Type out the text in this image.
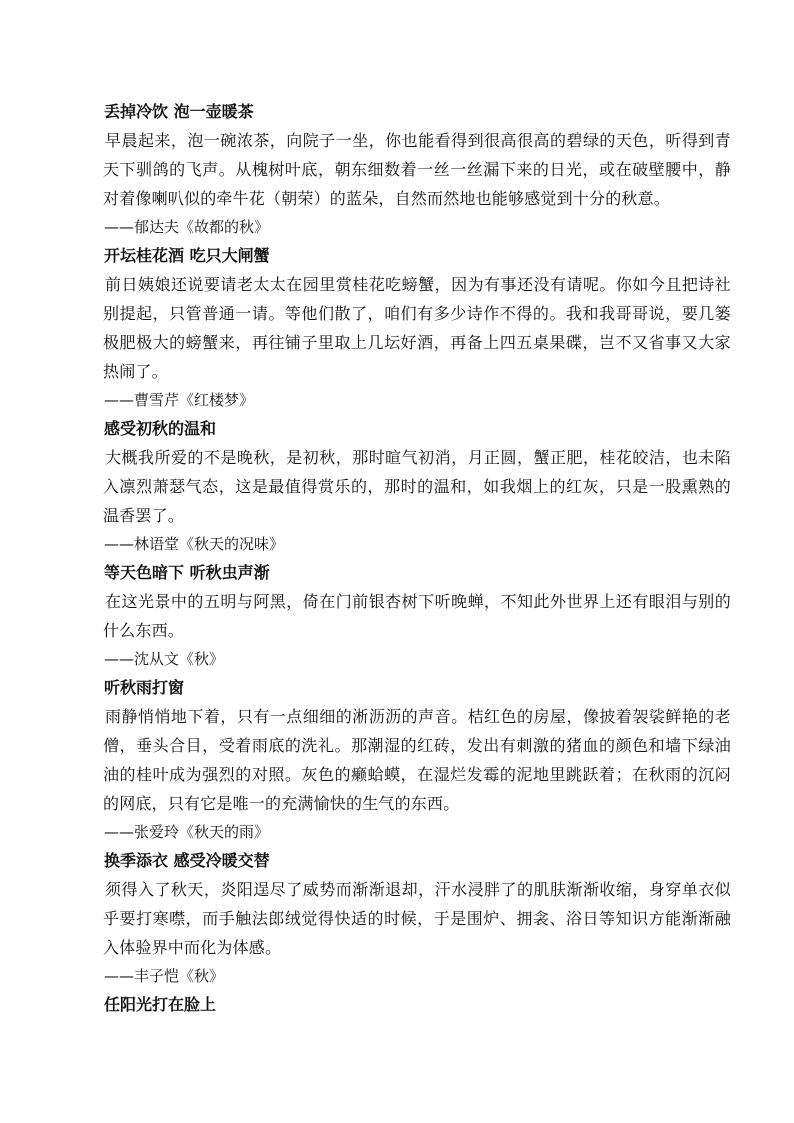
丢掉冷饮 泡一壶暖茶

早晨起来，泡一碗浓茶，向院子一坐，你也能看得到很高很高的碧绿的天色，听得到青天下驯鸽的飞声。从槐树叶底，朝东细数着一丝一丝漏下来的日光，或在破壁腰中，静对着像喇叭似的牵牛花（朝荣）的蓝朵，自然而然地也能够感觉到十分的秋意。

——郁达夫《故都的秋》

开坛桂花酒 吃只大闸蟹

前日姨娘还说要请老太太在园里赏桂花吃螃蟹，因为有事还没有请呢。你如今且把诗社别提起，只管普通一请。等他们散了，咱们有多少诗作不得的。我和我哥哥说，要几篓极肥极大的螃蟹来，再往铺子里取上几坛好酒，再备上四五桌果碟，岂不又省事又大家热闹了。

——曹雪芹《红楼梦》

感受初秋的温和

大概我所爱的不是晚秋，是初秋，那时暄气初消，月正圆，蟹正肥，桂花皎洁，也未陷入凛烈萧瑟气态，这是最值得赏乐的，那时的温和，如我烟上的红灰，只是一股熏熟的温香罢了。

——林语堂《秋天的况味》

等天色暗下 听秋虫声渐

在这光景中的五明与阿黑，倚在门前银杏树下听晚蝉，不知此外世界上还有眼泪与别的什么东西。

——沈从文《秋》

听秋雨打窗

雨静悄悄地下着，只有一点细细的淅沥沥的声音。桔红色的房屋，像披着袈裟鲜艳的老僧，垂头合目，受着雨底的洗礼。那潮湿的红砖，发出有刺激的猪血的颜色和墙下绿油油的桂叶成为强烈的对照。灰色的癞蛤蟆，在湿烂发霉的泥地里跳跃着；在秋雨的沉闷的网底，只有它是唯一的充满愉快的生气的东西。

——张爱玲《秋天的雨》

换季添衣 感受冷暖交替

须得入了秋天，炎阳逞尽了威势而渐渐退却，汗水浸胖了的肌肤渐渐收缩，身穿单衣似乎要打寒噤，而手触法郎绒觉得快适的时候，于是围炉、拥衾、浴日等知识方能渐渐融入体验界中而化为体感。

——丰子恺《秋》

任阳光打在脸上
